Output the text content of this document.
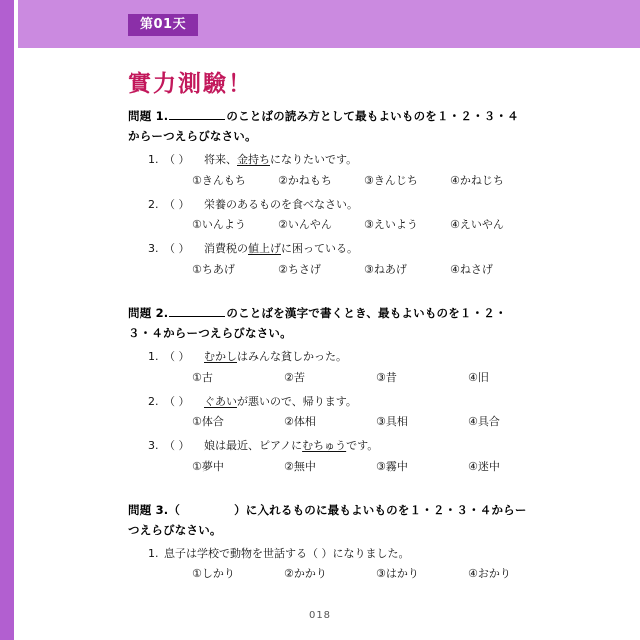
第01天
實力測驗！
問題 1.	のことばの読み方として最もよいものを１・２・３・４からーつえらびなさい。
1. （ ） 将来、金持ちになりたいです。
①きんもち	②かねもち	③きんじち	④かねじち
2. （ ） 栄養のあるものを食べなさい。
①いんよう	②いんやん	③えいよう	④えいやん
3. （ ） 消費税の値上げに困っている。
①ちあげ	②ちさげ	③ねあげ	④ねさげ
問題 2.	のことばを漢字で書くとき、最もよいものを１・２・３・４からーつえらびなさい。
1. （ ） むかしはみんな貧しかった。
①古	②苦	③昔	④旧
2. （ ） ぐあいが悪いので、帰ります。
①体合	②体相	③具相	④具合
3. （ ） 娘は最近、ピアノにむちゅうです。
①夢中	②無中	③霧中	④迷中
問題 3.（	）に入れるものに最もよいものを１・２・３・４からーつえらびなさい。
1. 息子は学校で動物を世話する（ ）になりました。
①しかり	②かかり	③はかり	④おかり
018
